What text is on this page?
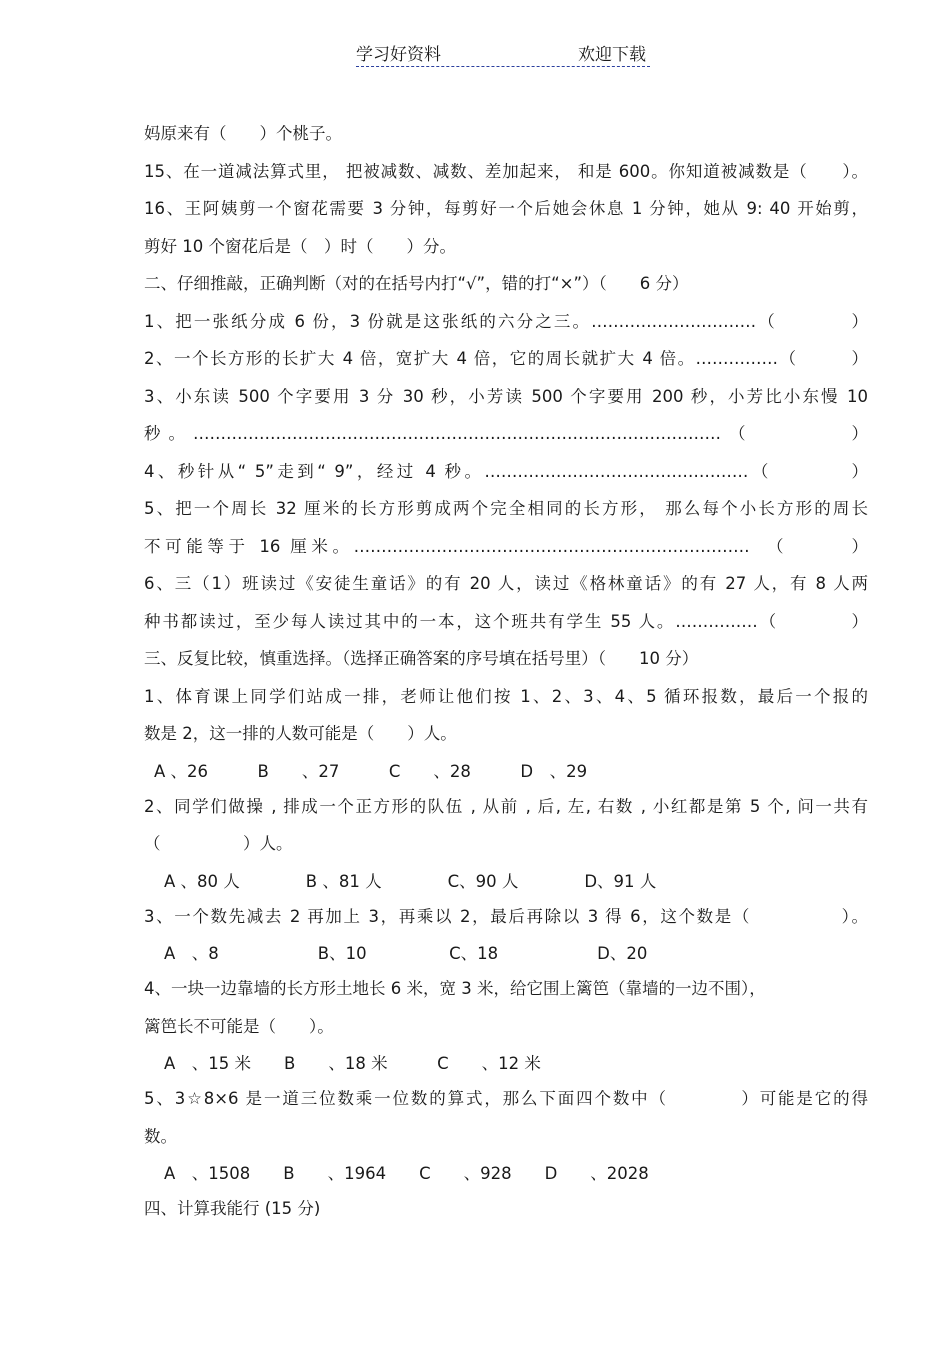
学习好资料	欢迎下载
妈原来有（　　）个桃子。
15、在一道减法算式里， 把被减数、减数、差加起来， 和是 600。你知道被减数是（　　）。
16、王阿姨剪一个窗花需要 3 分钟，每剪好一个后她会休息 1 分钟，她从 9: 40 开始剪，
剪好 10 个窗花后是（　）时（　　）分。
二、仔细推敲，正确判断（对的在括号内打“√”，错的打“×”）（　　6 分）
1、把一张纸分成 6 份，3 份就是这张纸的六分之三。…………………………（　　　　）
2、一个长方形的长扩大 4 倍，宽扩大 4 倍，它的周长就扩大 4 倍。……………（　　　）
3、小东读 500 个字要用 3 分 30 秒，小芳读 500 个字要用 200 秒，小芳比小东慢 10
秒。……………………………………………………………………………………（　　　　）
4、秒针从“ 5”走到“ 9”，经过 4 秒。…………………………………………（　　　　）
5、把一个周长 32 厘米的长方形剪成两个完全相同的长方形， 那么每个小长方形的周长
不可能等于 16 厘米。………………………………………………………………　（　　　）
6、三（1）班读过《安徒生童话》的有 20 人，读过《格林童话》的有 27 人，有 8 人两
种书都读过，至少每人读过其中的一本，这个班共有学生 55 人。……………（　　　　）
三、反复比较，慎重选择。（选择正确答案的序号填在括号里）（　　10 分）
1、体育课上同学们站成一排，老师让他们按 1、2、3、4、5 循环报数，最后一个报的
数是 2，这一排的人数可能是（　　）人。
A 、26　　　B　　、27　　　C　　、28　　　D　、29
2、同学们做操 , 排成一个正方形的队伍 , 从前 , 后, 左, 右数 , 小红都是第 5 个, 问一共有
（　　　　　）人。
A 、80 人　　　　B 、81 人　　　　C、90 人　　　　D、91 人
3、一个数先减去 2 再加上 3，再乘以 2，最后再除以 3 得 6，这个数是（　　　　　）。
A　、8　　　　　　B、10　　　　　C、18　　　　　　D、20
4、一块一边靠墙的长方形土地长 6 米，宽 3 米，给它围上篱笆（靠墙的一边不围），
篱笆长不可能是（　　）。
A　、15 米　　B　　、18 米　　　C　　、12 米
5、3☆8×6 是一道三位数乘一位数的算式，那么下面四个数中（　　　　）可能是它的得
数。
A　、1508　　B　　、1964　　C　　、928　　D　　、2028
四、计算我能行 (15 分)
